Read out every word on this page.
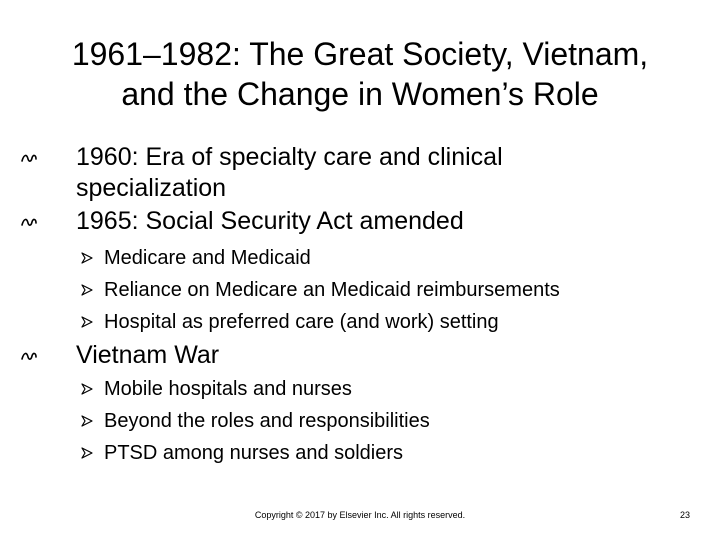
1961–1982: The Great Society, Vietnam,
and the Change in Women’s Role
1960: Era of specialty care and clinical
specialization
1965: Social Security Act amended
Medicare and Medicaid
Reliance on Medicare an Medicaid reimbursements
Hospital as preferred care (and work) setting
Vietnam War
Mobile hospitals and nurses
Beyond the roles and responsibilities
PTSD among nurses and soldiers
Copyright © 2017 by Elsevier Inc. All rights reserved.	23
